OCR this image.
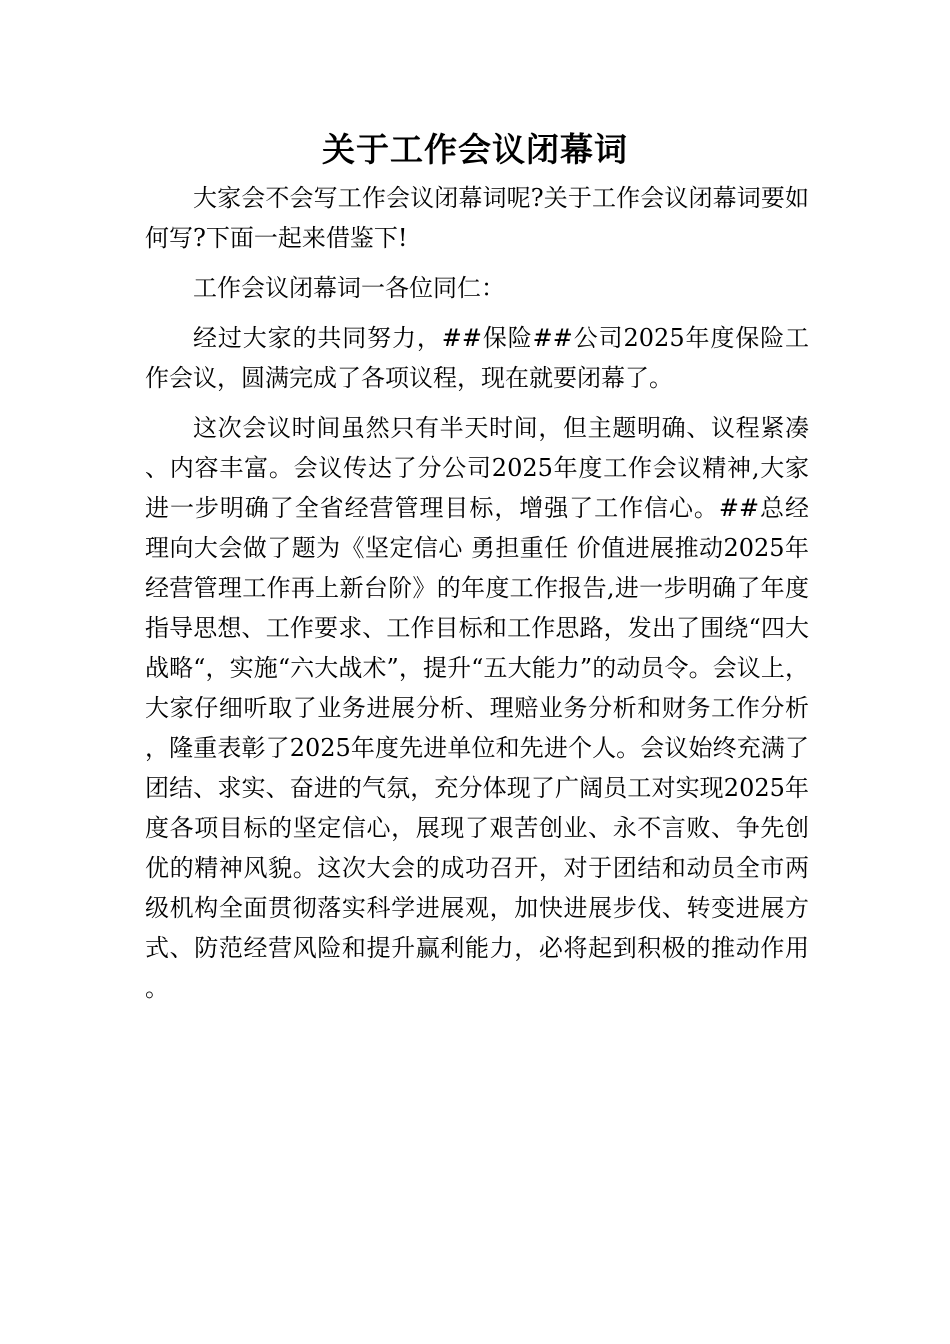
关于工作会议闭幕词

大家会不会写工作会议闭幕词呢?关于工作会议闭幕词要如何写?下面一起来借鉴下!

工作会议闭幕词一各位同仁：

经过大家的共同努力，##保险##公司2025年度保险工作会议，圆满完成了各项议程，现在就要闭幕了。

这次会议时间虽然只有半天时间，但主题明确、议程紧凑、内容丰富。会议传达了分公司2025年度工作会议精神,大家进一步明确了全省经营管理目标，增强了工作信心。##总经理向大会做了题为《坚定信心 勇担重任 价值进展推动2025年经营管理工作再上新台阶》的年度工作报告,进一步明确了年度指导思想、工作要求、工作目标和工作思路，发出了围绕“四大战略“，实施“六大战术”，提升“五大能力”的动员令。会议上，大家仔细听取了业务进展分析、理赔业务分析和财务工作分析，隆重表彰了2025年度先进单位和先进个人。会议始终充满了团结、求实、奋进的气氛，充分体现了广阔员工对实现2025年度各项目标的坚定信心，展现了艰苦创业、永不言败、争先创优的精神风貌。这次大会的成功召开，对于团结和动员全市两级机构全面贯彻落实科学进展观，加快进展步伐、转变进展方式、防范经营风险和提升赢利能力，必将起到积极的推动作用。
